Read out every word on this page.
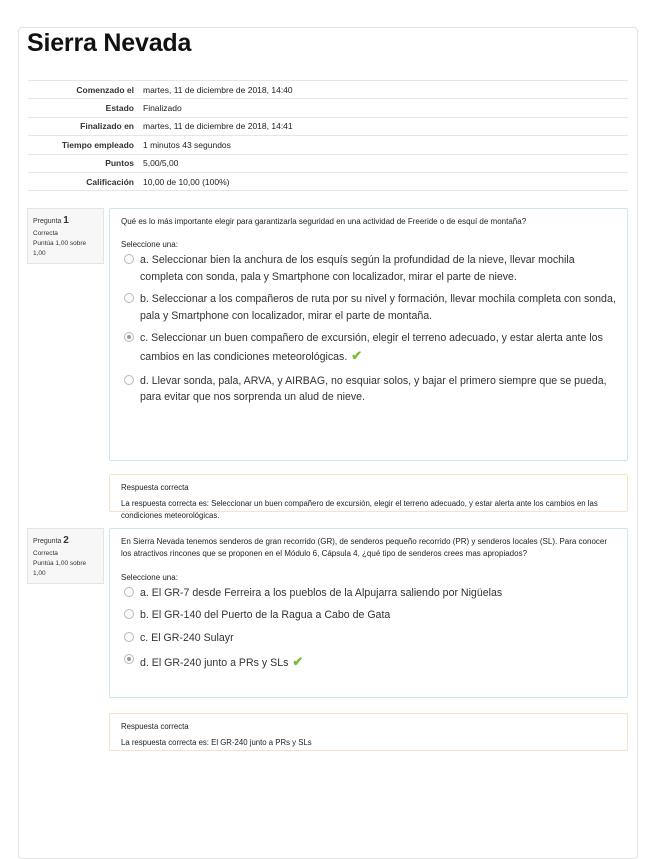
Sierra Nevada
Comenzado el	martes, 11 de diciembre de 2018, 14:40
Estado	Finalizado
Finalizado en	martes, 11 de diciembre de 2018, 14:41
Tiempo empleado	1 minutos 43 segundos
Puntos	5,00/5,00
Calificación	10,00 de 10,00 (100%)
Pregunta 1
Correcta
Puntúa 1,00 sobre 1,00
Qué es lo más importante elegir para garantizarla seguridad en una actividad de Freeride o de esquí de montaña?
Seleccione una:
a. Seleccionar bien la anchura de los esquís según la profundidad de la nieve, llevar mochila completa con sonda, pala y Smartphone con localizador, mirar el parte de nieve.
b. Seleccionar a los compañeros de ruta por su nivel y formación, llevar mochila completa con sonda, pala y Smartphone con localizador, mirar el parte de montaña.
c. Seleccionar un buen compañero de excursión, elegir el terreno adecuado, y estar alerta ante los cambios en las condiciones meteorológicas. ✔
d. Llevar sonda, pala, ARVA, y AIRBAG, no esquiar solos, y bajar el primero siempre que se pueda, para evitar que nos sorprenda un alud de nieve.
Respuesta correcta
La respuesta correcta es: Seleccionar un buen compañero de excursión, elegir el terreno adecuado, y estar alerta ante los cambios en las condiciones meteorológicas.
Pregunta 2
Correcta
Puntúa 1,00 sobre 1,00
En Sierra Nevada tenemos senderos de gran recorrido (GR), de senderos pequeño recorrido (PR) y senderos locales (SL). Para conocer los atractivos rincones que se proponen en el Módulo 6, Cápsula 4, ¿qué tipo de senderos crees mas apropiados?
Seleccione una:
a. El GR-7 desde Ferreira a los pueblos de la Alpujarra saliendo por Nigüelas
b. El GR-140 del Puerto de la Ragua a Cabo de Gata
c. El GR-240 Sulayr
d. El GR-240 junto a PRs y SLs ✔
Respuesta correcta
La respuesta correcta es: El GR-240 junto a PRs y SLs
